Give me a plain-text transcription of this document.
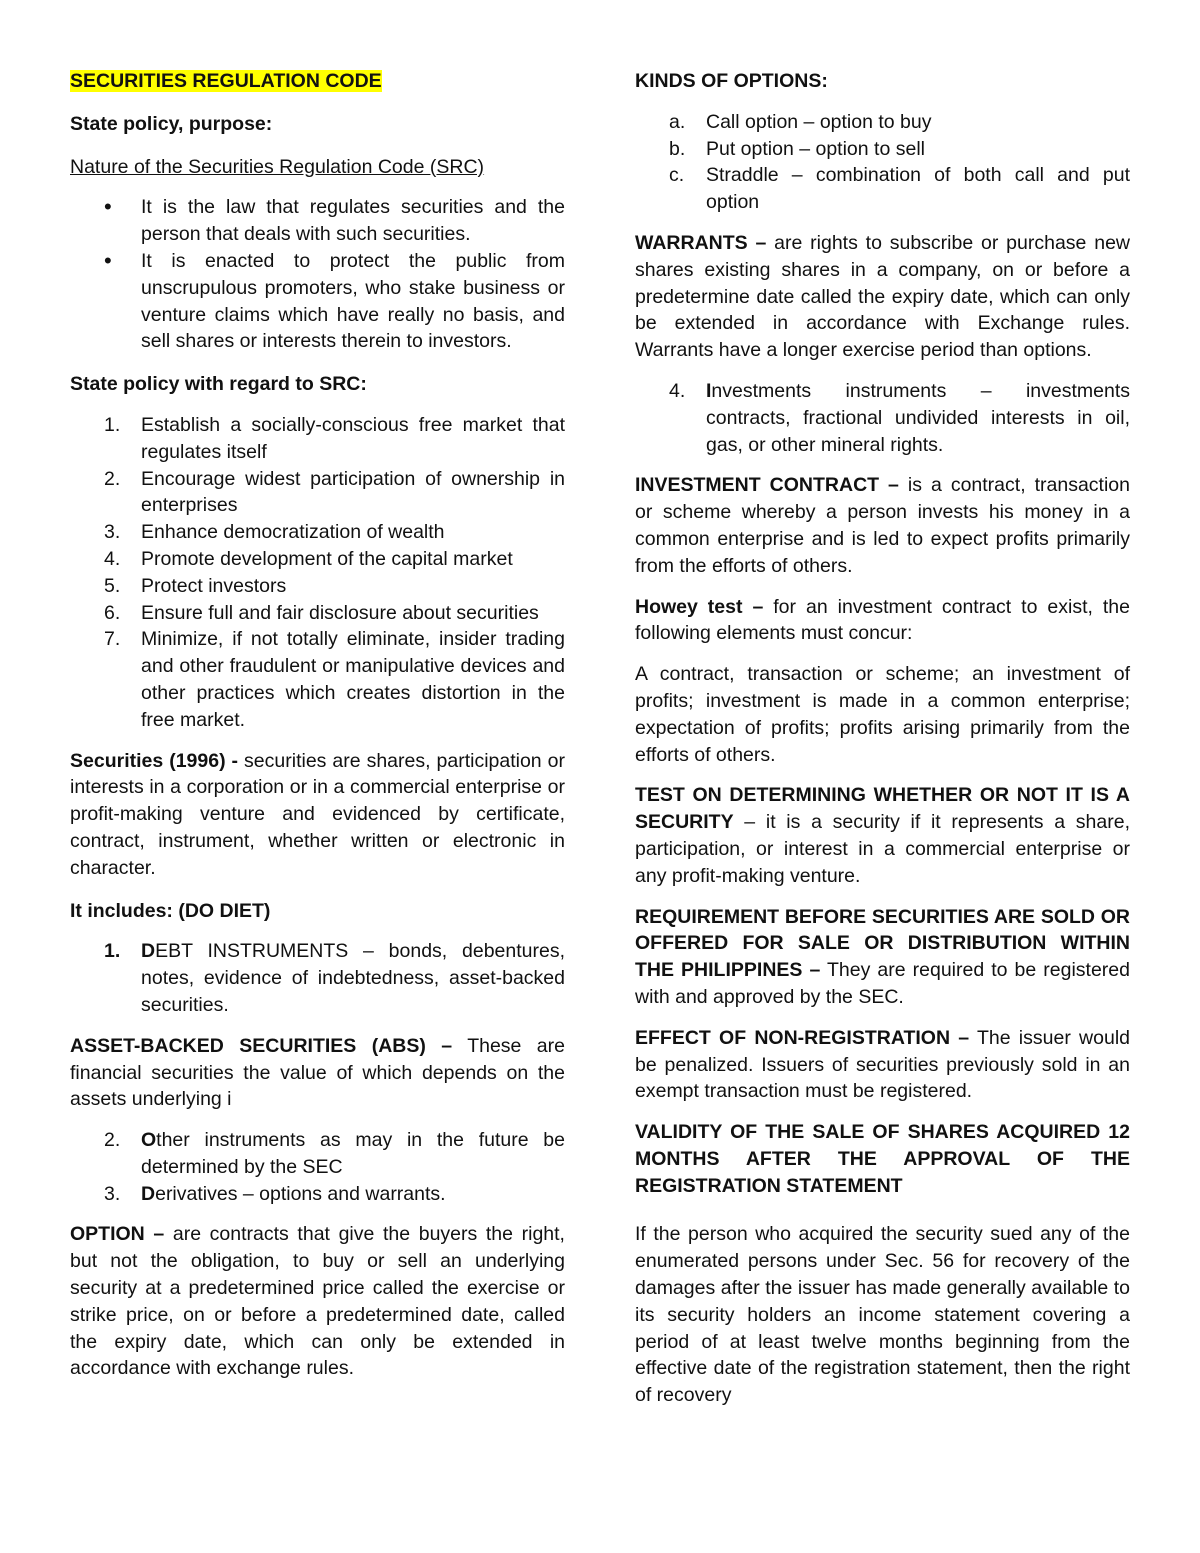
SECURITIES REGULATION CODE

State policy, purpose:

Nature of the Securities Regulation Code (SRC)

• It is the law that regulates securities and the person that deals with such securities.
• It is enacted to protect the public from unscrupulous promoters, who stake business or venture claims which have really no basis, and sell shares or interests therein to investors.

State policy with regard to SRC:

1. Establish a socially-conscious free market that regulates itself
2. Encourage widest participation of ownership in enterprises
3. Enhance democratization of wealth
4. Promote development of the capital market
5. Protect investors
6. Ensure full and fair disclosure about securities
7. Minimize, if not totally eliminate, insider trading and other fraudulent or manipulative devices and other practices which creates distortion in the free market.

Securities (1996) - securities are shares, participation or interests in a corporation or in a commercial enterprise or profit-making venture and evidenced by certificate, contract, instrument, whether written or electronic in character.

It includes: (DO DIET)

1. DEBT INSTRUMENTS – bonds, debentures, notes, evidence of indebtedness, asset-backed securities.

ASSET-BACKED SECURITIES (ABS) – These are financial securities the value of which depends on the assets underlying i

2. Other instruments as may in the future be determined by the SEC
3. Derivatives – options and warrants.

OPTION – are contracts that give the buyers the right, but not the obligation, to buy or sell an underlying security at a predetermined price called the exercise or strike price, on or before a predetermined date, called the expiry date, which can only be extended in accordance with exchange rules.

KINDS OF OPTIONS:

a. Call option – option to buy
b. Put option – option to sell
c. Straddle – combination of both call and put option

WARRANTS – are rights to subscribe or purchase new shares existing shares in a company, on or before a predetermine date called the expiry date, which can only be extended in accordance with Exchange rules. Warrants have a longer exercise period than options.

4. Investments instruments – investments contracts, fractional undivided interests in oil, gas, or other mineral rights.

INVESTMENT CONTRACT – is a contract, transaction or scheme whereby a person invests his money in a common enterprise and is led to expect profits primarily from the efforts of others.

Howey test – for an investment contract to exist, the following elements must concur:

A contract, transaction or scheme; an investment of profits; investment is made in a common enterprise; expectation of profits; profits arising primarily from the efforts of others.

TEST ON DETERMINING WHETHER OR NOT IT IS A SECURITY – it is a security if it represents a share, participation, or interest in a commercial enterprise or any profit-making venture.

REQUIREMENT BEFORE SECURITIES ARE SOLD OR OFFERED FOR SALE OR DISTRIBUTION WITHIN THE PHILIPPINES – They are required to be registered with and approved by the SEC.

EFFECT OF NON-REGISTRATION – The issuer would be penalized. Issuers of securities previously sold in an exempt transaction must be registered.

VALIDITY OF THE SALE OF SHARES ACQUIRED 12 MONTHS AFTER THE APPROVAL OF THE REGISTRATION STATEMENT

If the person who acquired the security sued any of the enumerated persons under Sec. 56 for recovery of the damages after the issuer has made generally available to its security holders an income statement covering a period of at least twelve months beginning from the effective date of the registration statement, then the right of recovery
